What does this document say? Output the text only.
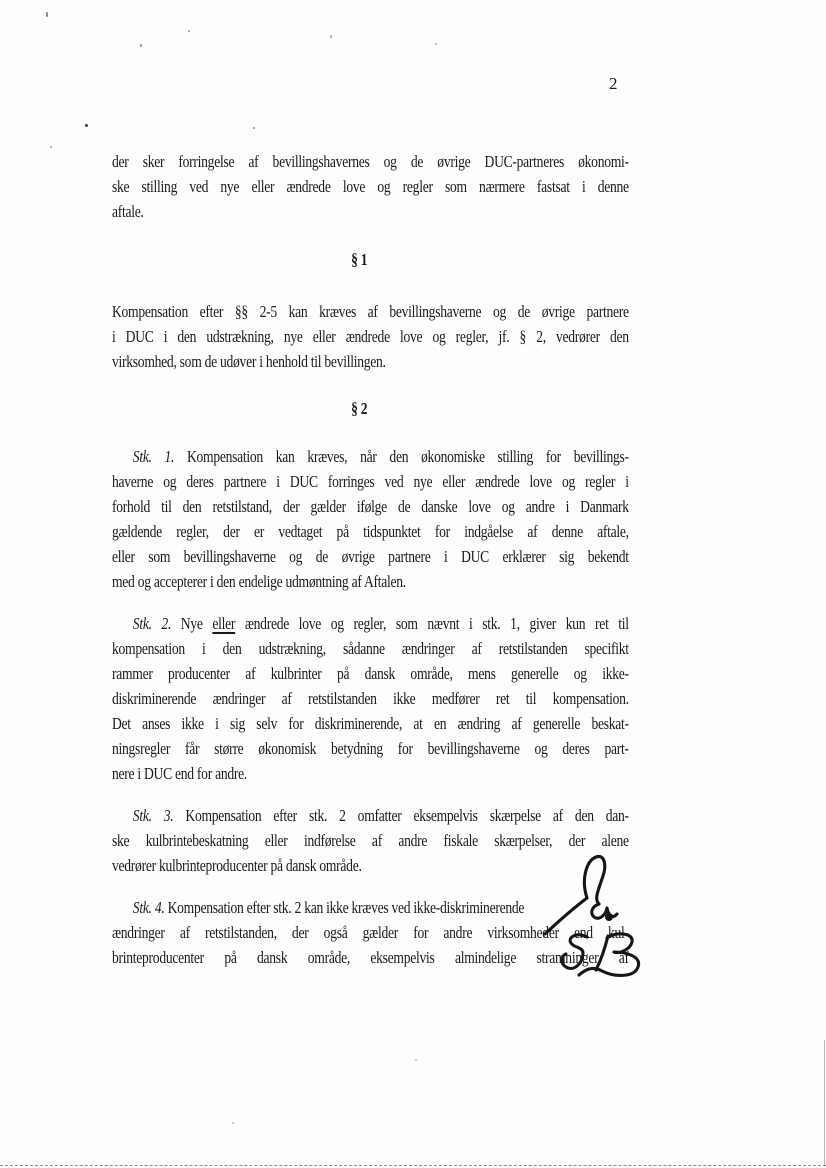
2

der sker forringelse af bevillingshavernes og de øvrige DUC-partneres økonomi-
ske stilling ved nye eller ændrede love og regler som nærmere fastsat i denne
aftale.

§ 1

Kompensation efter §§ 2-5 kan kræves af bevillingshaverne og de øvrige partnere
i DUC i den udstrækning, nye eller ændrede love og regler, jf. § 2, vedrører den
virksomhed, som de udøver i henhold til bevillingen.

§ 2

Stk. 1. Kompensation kan kræves, når den økonomiske stilling for bevillings-
haverne og deres partnere i DUC forringes ved nye eller ændrede love og regler i
forhold til den retstilstand, der gælder ifølge de danske love og andre i Danmark
gældende regler, der er vedtaget på tidspunktet for indgåelse af denne aftale,
eller som bevillingshaverne og de øvrige partnere i DUC erklærer sig bekendt
med og accepterer i den endelige udmøntning af Aftalen.

Stk. 2. Nye eller ændrede love og regler, som nævnt i stk. 1, giver kun ret til
kompensation i den udstrækning, sådanne ændringer af retstilstanden specifikt
rammer producenter af kulbrinter på dansk område, mens generelle og ikke-
diskriminerende ændringer af retstilstanden ikke medfører ret til kompensation.
Det anses ikke i sig selv for diskriminerende, at en ændring af generelle beskat-
ningsregler får større økonomisk betydning for bevillingshaverne og deres part-
nere i DUC end for andre.

Stk. 3. Kompensation efter stk. 2 omfatter eksempelvis skærpelse af den dan-
ske kulbrintebeskatning eller indførelse af andre fiskale skærpelser, der alene
vedrører kulbrinteproducenter på dansk område.

Stk. 4. Kompensation efter stk. 2 kan ikke kræves ved ikke-diskriminerende
ændringer af retstilstanden, der også gælder for andre virksomheder end kul-
brinteproducenter på dansk område, eksempelvis almindelige stramninger af
